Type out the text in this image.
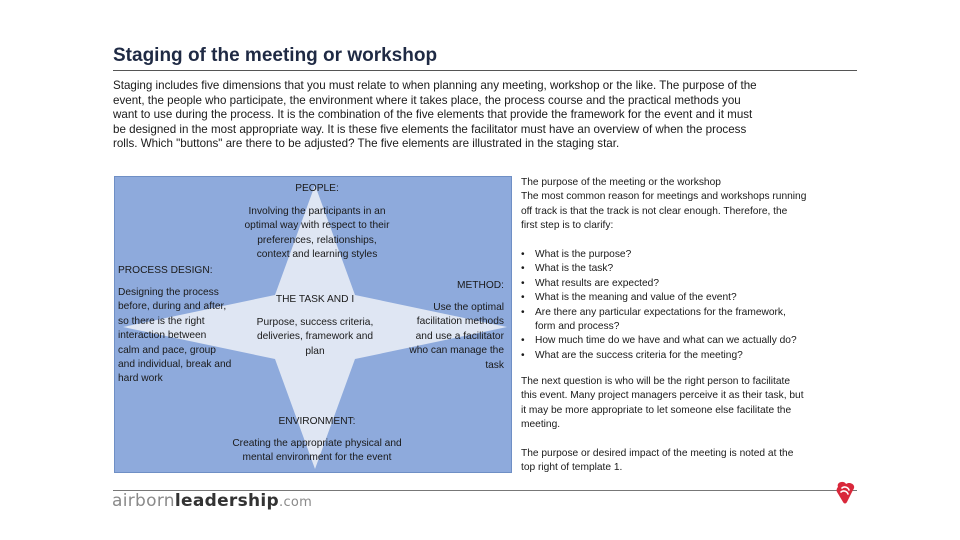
Staging of the meeting or workshop
Staging includes five dimensions that you must relate to when planning any meeting, workshop or the like. The purpose of the
event, the people who participate, the environment where it takes place, the process course and the practical methods you
want to use during the process. It is the combination of the five elements that provide the framework for the event and it must
be designed in the most appropriate way. It is these five elements the facilitator must have an overview of when the process
rolls. Which "buttons" are there to be adjusted? The five elements are illustrated in the staging star.
PEOPLE:
Involving the participants in an
optimal way with respect to their
preferences, relationships,
context and learning styles
PROCESS DESIGN:
Designing the process
before, during and after,
so there is the right
interaction between
calm and pace, group
and individual, break and
hard work
THE TASK AND I
Purpose, success criteria,
deliveries, framework and
plan
METHOD:
Use the optimal
facilitation methods
and use a facilitator
who can manage the
task
ENVIRONMENT:
Creating the appropriate physical and
mental environment for the event
The purpose of the meeting or the workshop
The most common reason for meetings and workshops running
off track is that the track is not clear enough. Therefore, the
first step is to clarify:
• What is the purpose?
• What is the task?
• What results are expected?
• What is the meaning and value of the event?
• Are there any particular expectations for the framework,
form and process?
• How much time do we have and what can we actually do?
• What are the success criteria for the meeting?
The next question is who will be the right person to facilitate
this event. Many project managers perceive it as their task, but
it may be more appropriate to let someone else facilitate the
meeting.
The purpose or desired impact of the meeting is noted at the
top right of template 1.
airbornleadership.com
